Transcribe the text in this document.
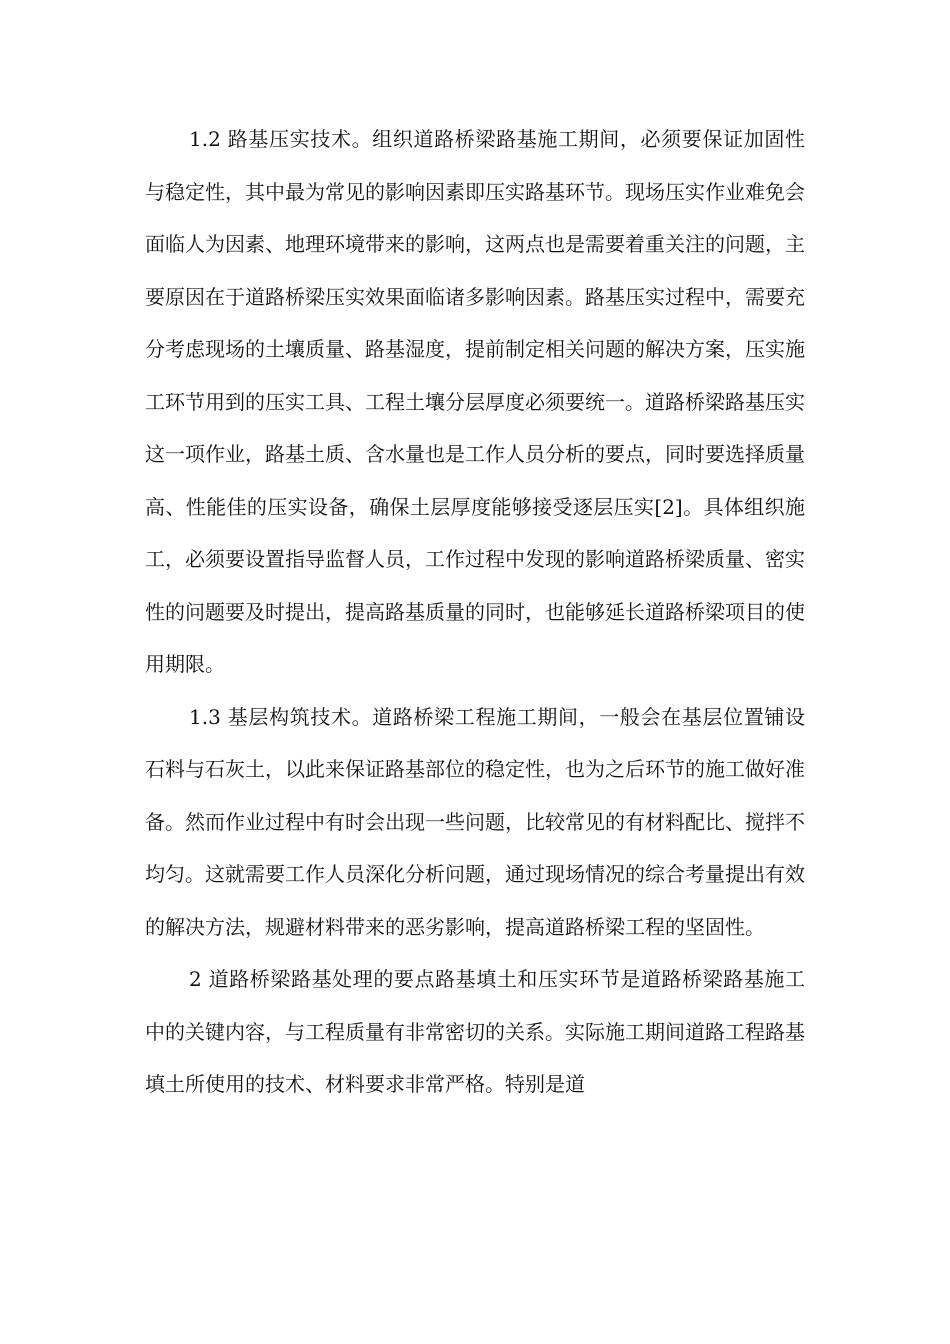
1.2 路基压实技术。组织道路桥梁路基施工期间，必须要保证加固性与稳定性，其中最为常见的影响因素即压实路基环节。现场压实作业难免会面临人为因素、地理环境带来的影响，这两点也是需要着重关注的问题，主要原因在于道路桥梁压实效果面临诸多影响因素。路基压实过程中，需要充分考虑现场的土壤质量、路基湿度，提前制定相关问题的解决方案，压实施工环节用到的压实工具、工程土壤分层厚度必须要统一。道路桥梁路基压实这一项作业，路基土质、含水量也是工作人员分析的要点，同时要选择质量高、性能佳的压实设备，确保土层厚度能够接受逐层压实[2]。具体组织施工，必须要设置指导监督人员，工作过程中发现的影响道路桥梁质量、密实性的问题要及时提出，提高路基质量的同时，也能够延长道路桥梁项目的使用期限。

1.3 基层构筑技术。道路桥梁工程施工期间，一般会在基层位置铺设石料与石灰土，以此来保证路基部位的稳定性，也为之后环节的施工做好准备。然而作业过程中有时会出现一些问题，比较常见的有材料配比、搅拌不均匀。这就需要工作人员深化分析问题，通过现场情况的综合考量提出有效的解决方法，规避材料带来的恶劣影响，提高道路桥梁工程的坚固性。

2 道路桥梁路基处理的要点路基填土和压实环节是道路桥梁路基施工中的关键内容，与工程质量有非常密切的关系。实际施工期间道路工程路基填土所使用的技术、材料要求非常严格。特别是道
